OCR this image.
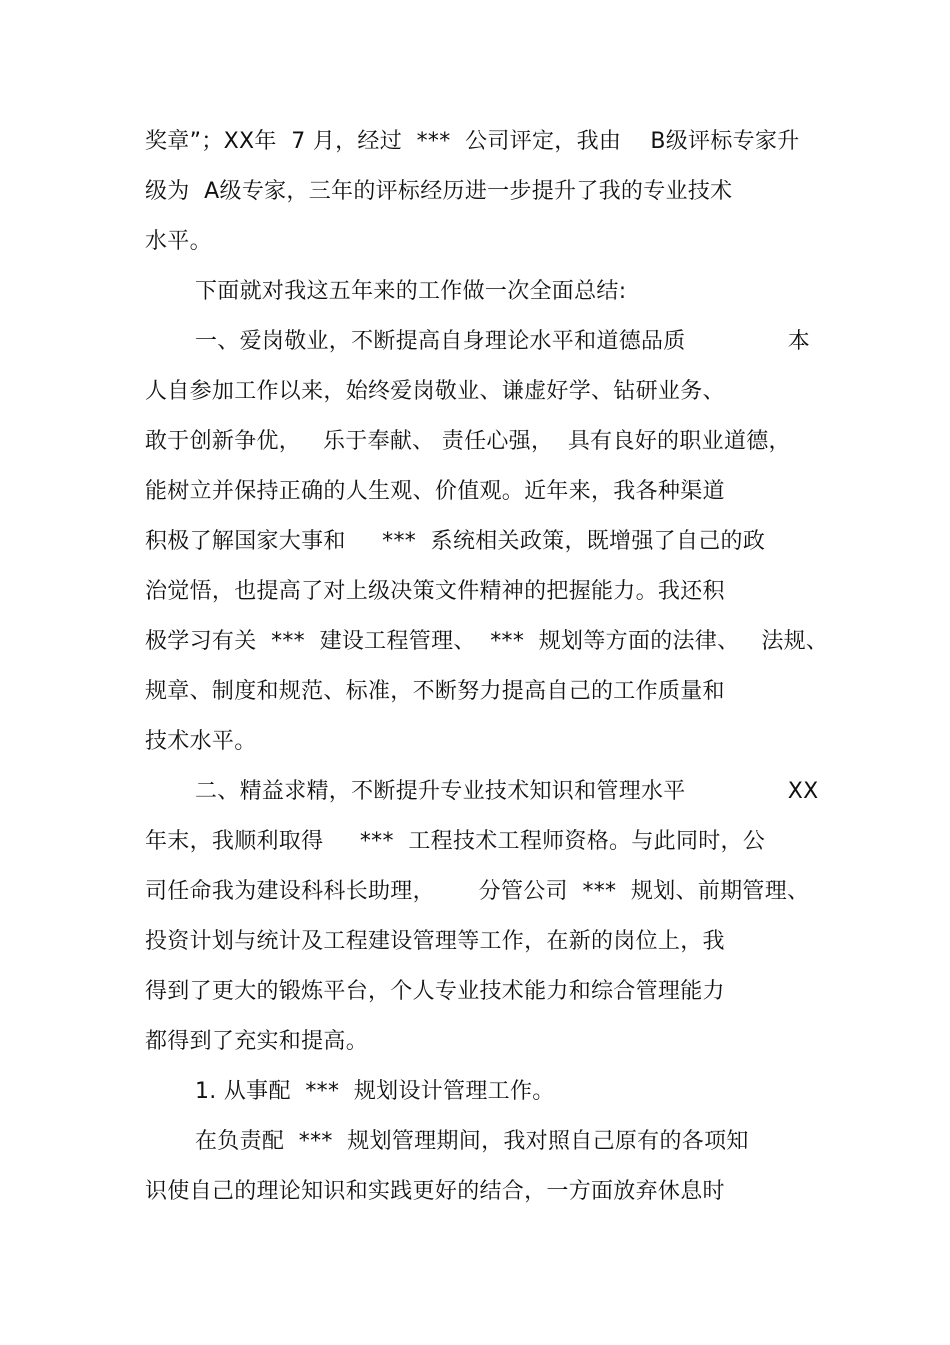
奖章”；XX年  7 月，经过  ***  公司评定，我由    B级评标专家升
级为  A级专家，三年的评标经历进一步提升了我的专业技术
水平。
下面就对我这五年来的工作做一次全面总结:
一、爱岗敬业，不断提高自身理论水平和道德品质              本
人自参加工作以来，始终爱岗敬业、谦虚好学、钻研业务、
敢于创新争优，   乐于奉献、 责任心强，  具有良好的职业道德，
能树立并保持正确的人生观、价值观。近年来，我各种渠道
积极了解国家大事和     ***  系统相关政策，既增强了自己的政
治觉悟，也提高了对上级决策文件精神的把握能力。我还积
极学习有关  ***  建设工程管理、  ***  规划等方面的法律、   法规、
规章、制度和规范、标准，不断努力提高自己的工作质量和
技术水平。
二、精益求精，不断提升专业技术知识和管理水平              XX
年末，我顺利取得     ***  工程技术工程师资格。与此同时，公
司任命我为建设科科长助理，      分管公司  ***  规划、前期管理、
投资计划与统计及工程建设管理等工作，在新的岗位上，我
得到了更大的锻炼平台，个人专业技术能力和综合管理能力
都得到了充实和提高。
1. 从事配  ***  规划设计管理工作。
在负责配  ***  规划管理期间，我对照自己原有的各项知
识使自己的理论知识和实践更好的结合，一方面放弃休息时
